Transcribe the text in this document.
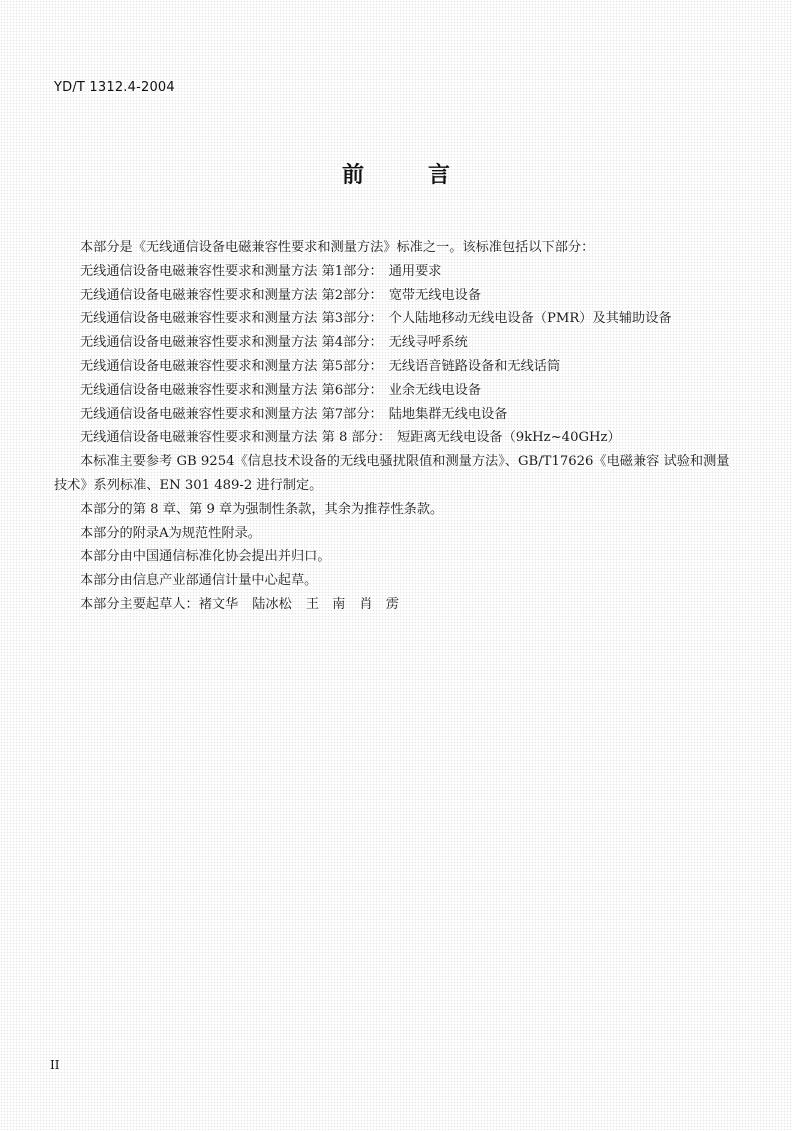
YD/T 1312.4-2004
前	言

本部分是《无线通信设备电磁兼容性要求和测量方法》标准之一。该标准包括以下部分：

无线通信设备电磁兼容性要求和测量方法 第1部分： 通用要求

无线通信设备电磁兼容性要求和测量方法 第2部分： 宽带无线电设备

无线通信设备电磁兼容性要求和测量方法 第3部分： 个人陆地移动无线电设备（PMR）及其辅助设备

无线通信设备电磁兼容性要求和测量方法 第4部分： 无线寻呼系统

无线通信设备电磁兼容性要求和测量方法 第5部分： 无线语音链路设备和无线话筒

无线通信设备电磁兼容性要求和测量方法 第6部分： 业余无线电设备

无线通信设备电磁兼容性要求和测量方法 第7部分： 陆地集群无线电设备

无线通信设备电磁兼容性要求和测量方法 第 8 部分： 短距离无线电设备（9kHz~40GHz）

本标准主要参考 GB 9254《信息技术设备的无线电骚扰限值和测量方法》、GB/T17626《电磁兼容 试验和测量技术》系列标准、EN 301 489-2 进行制定。

本部分的第 8 章、第 9 章为强制性条款，其余为推荐性条款。

本部分的附录A为规范性附录。

本部分由中国通信标准化协会提出并归口。

本部分由信息产业部通信计量中心起草。

本部分主要起草人：褚文华 陆冰松 王　南 肖　雳

II
